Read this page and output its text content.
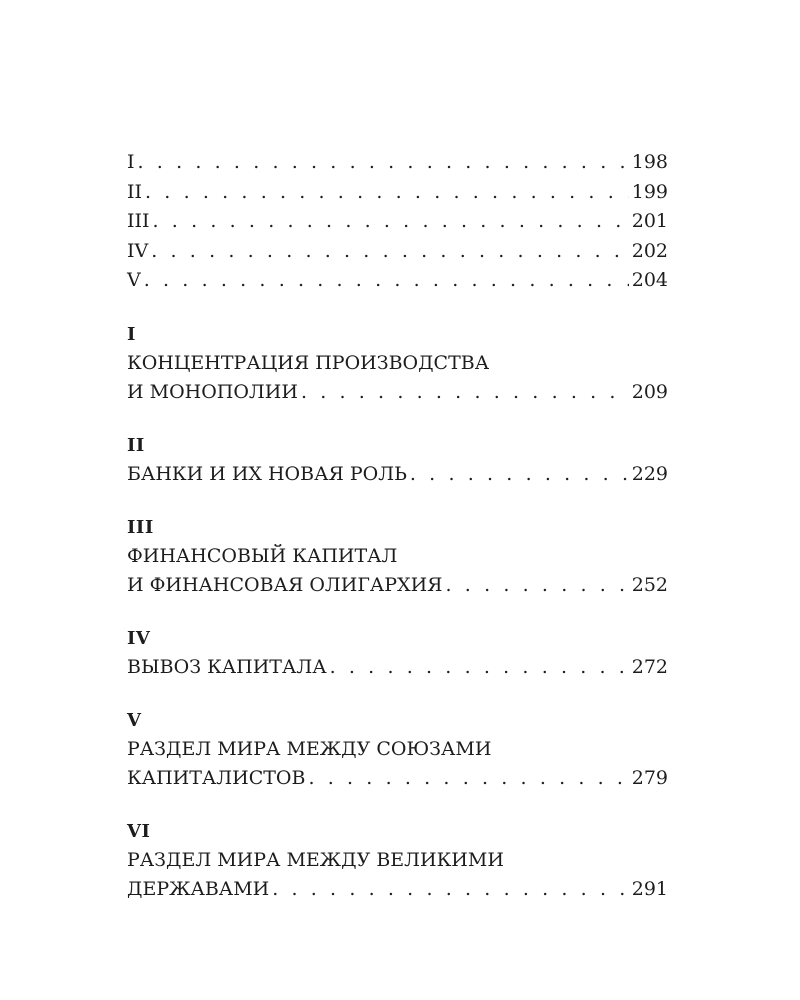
I . . .	198
II . . .	199
III . . .	201
IV . . .	202
V . . .	204
I
КОНЦЕНТРАЦИЯ ПРОИЗВОДСТВА
И МОНОПОЛИИ . . .	209
II
БАНКИ И ИХ НОВАЯ РОЛЬ . . .	229
III
ФИНАНСОВЫЙ КАПИТАЛ
И ФИНАНСОВАЯ ОЛИГАРХИЯ . . .	252
IV
ВЫВОЗ КАПИТАЛА . . .	272
V
РАЗДЕЛ МИРА МЕЖДУ СОЮЗАМИ
КАПИТАЛИСТОВ . . .	279
VI
РАЗДЕЛ МИРА МЕЖДУ ВЕЛИКИМИ
ДЕРЖАВАМИ . . .	291
